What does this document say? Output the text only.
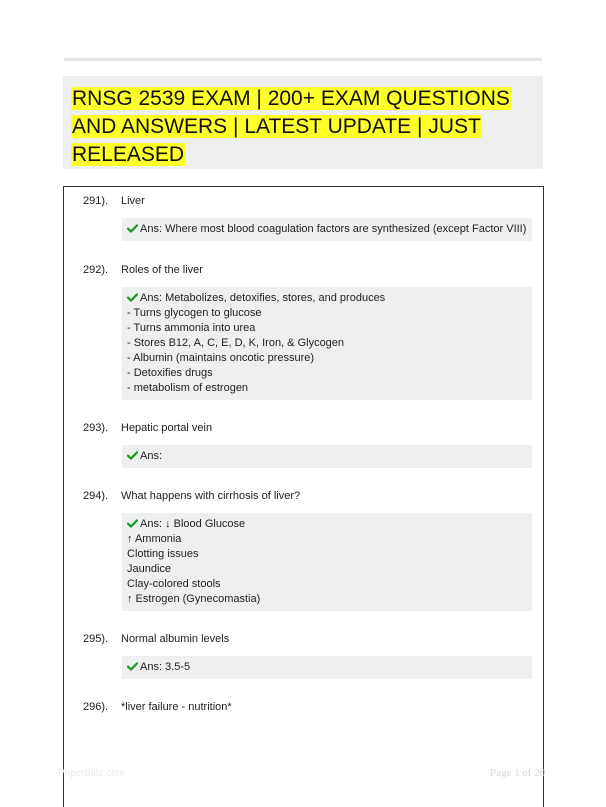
RNSG 2539 EXAM | 200+ EXAM QUESTIONS AND ANSWERS | LATEST UPDATE | JUST RELEASED
291). Liver
Ans: Where most blood coagulation factors are synthesized (except Factor VIII)
292). Roles of the liver
Ans: Metabolizes, detoxifies, stores, and produces
- Turns glycogen to glucose
- Turns ammonia into urea
- Stores B12, A, C, E, D, K, Iron, & Glycogen
- Albumin (maintains oncotic pressure)
- Detoxifies drugs
- metabolism of estrogen
293). Hepatic portal vein
Ans:
294). What happens with cirrhosis of liver?
Ans: ↓ Blood Glucose
↑ Ammonia
Clotting issues
Jaundice
Clay-colored stools
↑ Estrogen (Gynecomastia)
295). Normal albumin levels
Ans: 3.5-5
296). *liver failure - nutrition*
PaperBlitz.com	Page 1 of 20
